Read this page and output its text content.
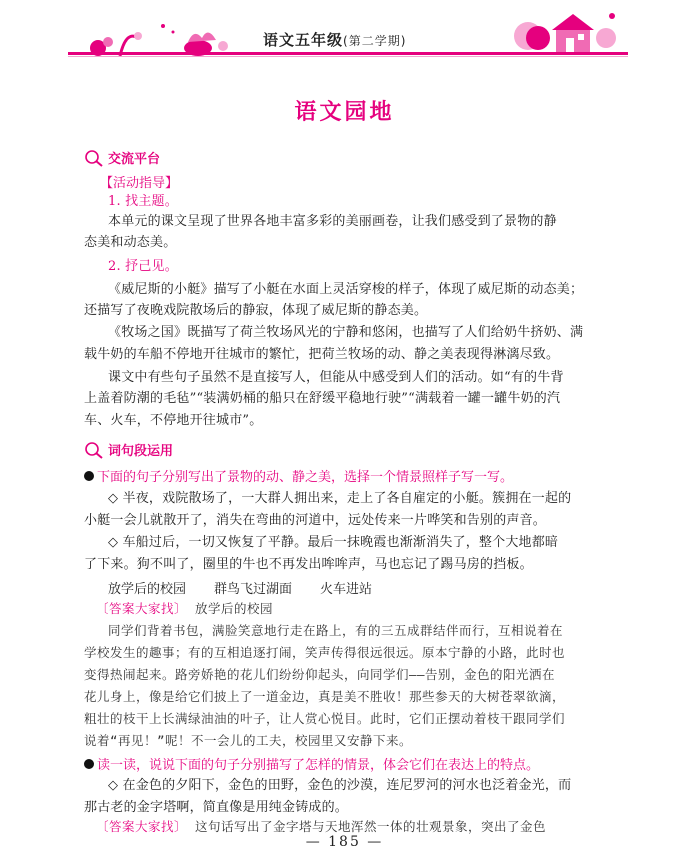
语文五年级(第二学期)
语文园地
交流平台
【活动指导】
1. 找主题。
本单元的课文呈现了世界各地丰富多彩的美丽画卷，让我们感受到了景物的静
态美和动态美。
2. 抒己见。
《威尼斯的小艇》描写了小艇在水面上灵活穿梭的样子，体现了威尼斯的动态美；
还描写了夜晚戏院散场后的静寂，体现了威尼斯的静态美。
《牧场之国》既描写了荷兰牧场风光的宁静和悠闲，也描写了人们给奶牛挤奶、满
载牛奶的车船不停地开往城市的繁忙，把荷兰牧场的动、静之美表现得淋漓尽致。
课文中有些句子虽然不是直接写人，但能从中感受到人们的活动。如“有的牛背
上盖着防潮的毛毡”“装满奶桶的船只在舒缓平稳地行驶”“满载着一罐一罐牛奶的汽
车、火车，不停地开往城市”。
词句段运用
下面的句子分别写出了景物的动、静之美，选择一个情景照样子写一写。
◇ 半夜，戏院散场了，一大群人拥出来，走上了各自雇定的小艇。簇拥在一起的
小艇一会儿就散开了，消失在弯曲的河道中，远处传来一片哗笑和告别的声音。
◇ 车船过后，一切又恢复了平静。最后一抹晚霞也渐渐消失了，整个大地都暗
了下来。狗不叫了，圈里的牛也不再发出哞哞声，马也忘记了踢马房的挡板。
放学后的校园 群鸟飞过湖面 火车进站
〔答案大家找〕 放学后的校园
同学们背着书包，满脸笑意地行走在路上，有的三五成群结伴而行，互相说着在
学校发生的趣事；有的互相追逐打闹，笑声传得很远很远。原本宁静的小路，此时也
变得热闹起来。路旁娇艳的花儿们纷纷仰起头，向同学们——告别，金色的阳光洒在
花儿身上，像是给它们披上了一道金边，真是美不胜收！那些参天的大树苍翠欲滴，
粗壮的枝干上长满绿油油的叶子，让人赏心悦目。此时，它们正摆动着枝干跟同学们
说着“再见！”呢！不一会儿的工夫，校园里又安静下来。
读一读，说说下面的句子分别描写了怎样的情景，体会它们在表达上的特点。
◇ 在金色的夕阳下，金色的田野，金色的沙漠，连尼罗河的河水也泛着金光，而
那古老的金字塔啊，简直像是用纯金铸成的。
〔答案大家找〕 这句话写出了金字塔与天地浑然一体的壮观景象，突出了金色
— 185 —
